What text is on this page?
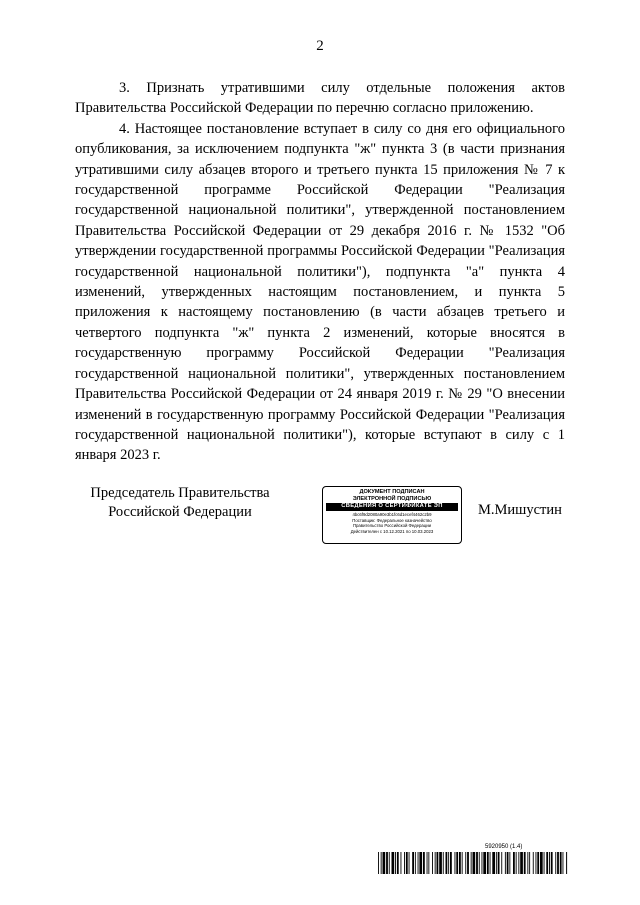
2

3. Признать утратившими силу отдельные положения актов Правительства Российской Федерации по перечню согласно приложению.

4. Настоящее постановление вступает в силу со дня его официального опубликования, за исключением подпункта "ж" пункта 3 (в части признания утратившими силу абзацев второго и третьего пункта 15 приложения № 7 к государственной программе Российской Федерации "Реализация государственной национальной политики", утвержденной постановлением Правительства Российской Федерации от 29 декабря 2016 г. № 1532 "Об утверждении государственной программы Российской Федерации "Реализация государственной национальной политики"), подпункта "а" пункта 4 изменений, утвержденных настоящим постановлением, и пункта 5 приложения к настоящему постановлению (в части абзацев третьего и четвертого подпункта "ж" пункта 2 изменений, которые вносятся в государственную программу Российской Федерации "Реализация государственной национальной политики", утвержденных постановлением Правительства Российской Федерации от 24 января 2019 г. № 29 "О внесении изменений в государственную программу Российской Федерации "Реализация государственной национальной политики"), которые вступают в силу с 1 января 2023 г.

Председатель Правительства
Российской Федерации
ДОКУМЕНТ ПОДПИСАН
ЭЛЕКТРОННОЙ ПОДПИСЬЮ
СВЕДЕНИЯ О СЕРТИФИКАТЕ ЭП
4bc6f9d2080a90e3b1fc6d1ecef4462c2b9
Поставщик: Федеральное казначейство
Правительство Российской Федерации
Действителен с 10.12.2021 по 10.03.2023
М.Мишустин
5920950 (1.4)
